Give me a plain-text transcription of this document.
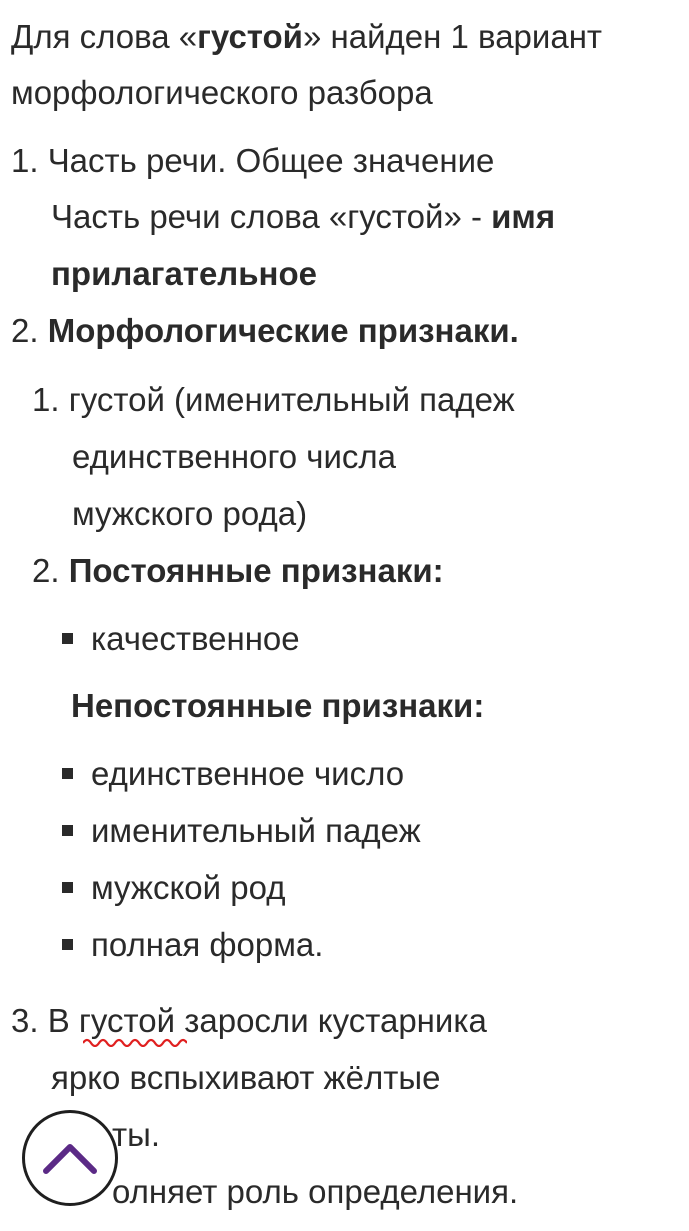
Для слова «густой» найден 1 вариант
морфологического разбора
1. Часть речи. Общее значение
Часть речи слова «густой» - имя
прилагательное
2. Морфологические признаки.
1. густой (именительный падеж
единственного числа
мужского рода)
2. Постоянные признаки:
качественное
Непостоянные признаки:
единственное число
именительный падеж
мужской род
полная форма.
3. В густой заросли кустарника
ярко вспыхивают жёлтые
ты.
олняет роль определения.
